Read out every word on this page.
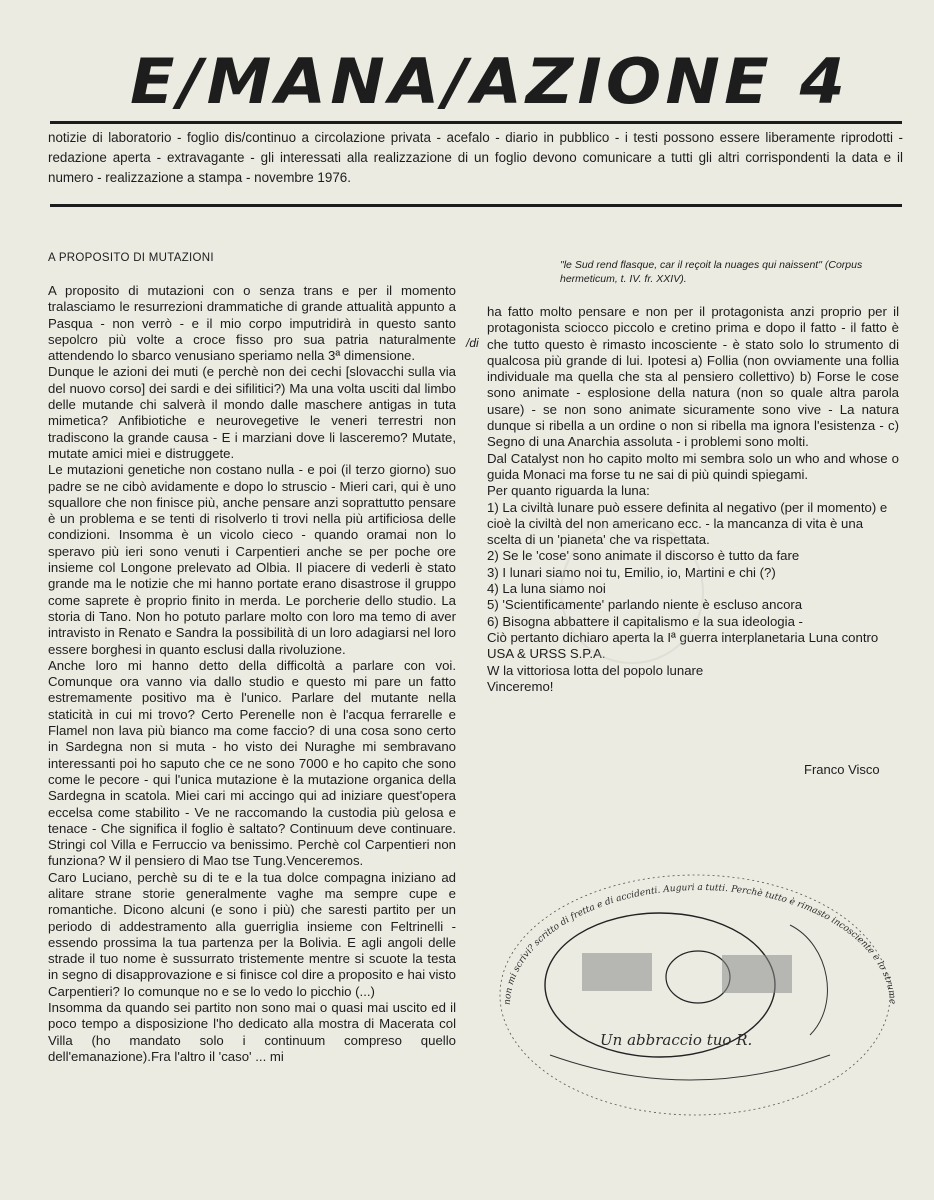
E/MANA/AZIONE 4
notizie di laboratorio - foglio dis/continuo a circolazione privata - acefalo - diario in pubblico - i testi possono essere liberamente riprodotti - redazione aperta - extravagante - gli interessati alla realizzazione di un foglio devono comunicare a tutti gli altri corrispondenti la data e il numero - realizzazione a stampa - novembre 1976.
A PROPOSITO DI MUTAZIONI
"le Sud rend flasque, car il reçoit la nuages qui naissent" (Corpus hermeticum, t. IV. fr. XXIV).

A proposito di mutazioni con o senza trans e per il momento tralasciamo le resurrezioni drammatiche di grande attualità appunto a Pasqua - non verrò - e il mio corpo imputridirà in questo santo sepolcro più volte a croce fisso pro sua patria naturalmente attendendo lo sbarco venusiano speriamo nella 3ª dimensione.

Dunque le azioni dei muti (e perchè non dei cechi [slovacchi sulla via del nuovo corso] dei sardi e dei sifilitici?) Ma una volta usciti dal limbo delle mutande chi salverà il mondo dalle maschere antigas in tuta mimetica? Anfibiotiche e neurovegetive le veneri terrestri non tradiscono la grande causa - E i marziani dove li lasceremo? Mutate, mutate amici miei e distruggete.

Le mutazioni genetiche non costano nulla - e poi (il terzo giorno) suo padre se ne cibò avidamente e dopo lo struscio - Mieri cari, qui è uno squallore che non finisce più, anche pensare anzi soprattutto pensare è un problema e se tenti di risolverlo ti trovi nella più artificiosa delle condizioni. Insomma è un vicolo cieco - quando oramai non lo speravo più ieri sono venuti i Carpentieri anche se per poche ore insieme col Longone prelevato ad Olbia. Il piacere di vederli è stato grande ma le notizie che mi hanno portate erano disastrose il gruppo come saprete è proprio finito in merda. Le porcherie dello studio. La storia di Tano. Non ho potuto parlare molto con loro ma temo di aver intravisto in Renato e Sandra la possibilità di un loro adagiarsi nel loro essere borghesi in quanto esclusi dalla rivoluzione.

Anche loro mi hanno detto della difficoltà a parlare con voi. Comunque ora vanno via dallo studio e questo mi pare un fatto estremamente positivo ma è l'unico. Parlare del mutante nella staticità in cui mi trovo? Certo Perenelle non è l'acqua ferrarelle e Flamel non lava più bianco ma come faccio? di una cosa sono certo in Sardegna non si muta - ho visto dei Nuraghe mi sembravano interessanti poi ho saputo che ce ne sono 7000 e ho capito che sono come le pecore - qui l'unica mutazione è la mutazione organica della Sardegna in scatola. Miei cari mi accingo qui ad iniziare quest'opera eccelsa come stabilito - Ve ne raccomando la custodia più gelosa e tenace - Che significa il foglio è saltato? Continuum deve continuare. Stringi col Villa e Ferruccio va benissimo. Perchè col Carpentieri non funziona? W il pensiero di Mao tse Tung.Venceremos.

Caro Luciano, perchè su di te e la tua dolce compagna iniziano ad alitare strane storie generalmente vaghe ma sempre cupe e romantiche. Dicono alcuni (e sono i più) che saresti partito per un periodo di addestramento alla guerriglia insieme con Feltrinelli - essendo prossima la tua partenza per la Bolivia. E agli angoli delle strade il tuo nome è sussurrato tristemente mentre si scuote la testa in segno di disapprovazione e si finisce col dire a proposito e hai visto Carpentieri? Io comunque no e se lo vedo lo picchio (...)

Insomma da quando sei partito non sono mai o quasi mai uscito ed il poco tempo a disposizione l'ho dedicato alla mostra di Macerata col Villa (ho mandato solo i continuum compreso quello dell'emanazione).Fra l'altro il 'caso' ... mi

/di

ha fatto molto pensare e non per il protagonista anzi proprio per il protagonista sciocco piccolo e cretino prima e dopo il fatto - il fatto è che tutto questo è rimasto incosciente - è stato solo lo strumento di qualcosa più grande di lui. Ipotesi a) Follia (non ovviamente una follia individuale ma quella che sta al pensiero collettivo) b) Forse le cose sono animate - esplosione della natura (non so quale altra parola usare) - se non sono animate sicuramente sono vive - La natura dunque si ribella a un ordine o non si ribella ma ignora l'esistenza - c) Segno di una Anarchia assoluta - i problemi sono molti.

Dal Catalyst non ho capito molto mi sembra solo un who and whose o guida Monaci ma forse tu ne sai di più quindi spiegami.

Per quanto riguarda la luna:

1) La civiltà lunare può essere definita al negativo (per il momento) e cioè la civiltà del non americano ecc. - la mancanza di vita è una scelta di un 'pianeta' che va rispettata.

2) Se le 'cose' sono animate il discorso è tutto da fare

3) I lunari siamo noi tu, Emilio, io, Martini e chi (?)

4) La luna siamo noi

5) 'Scientificamente' parlando niente è escluso ancora

6) Bisogna abbattere il capitalismo e la sua ideologia -

Ciò pertanto dichiaro aperta la Iª guerra interplanetaria Luna contro USA & URSS S.P.A.

W la vittoriosa lotta del popolo lunare

Vinceremo!

Franco Visco
Un abbraccio tuo R.
non mi scrivi? scritto di fretta e di accidenti. Auguri a tutti. Perchè tutto è rimasto incosciente e lo strume
